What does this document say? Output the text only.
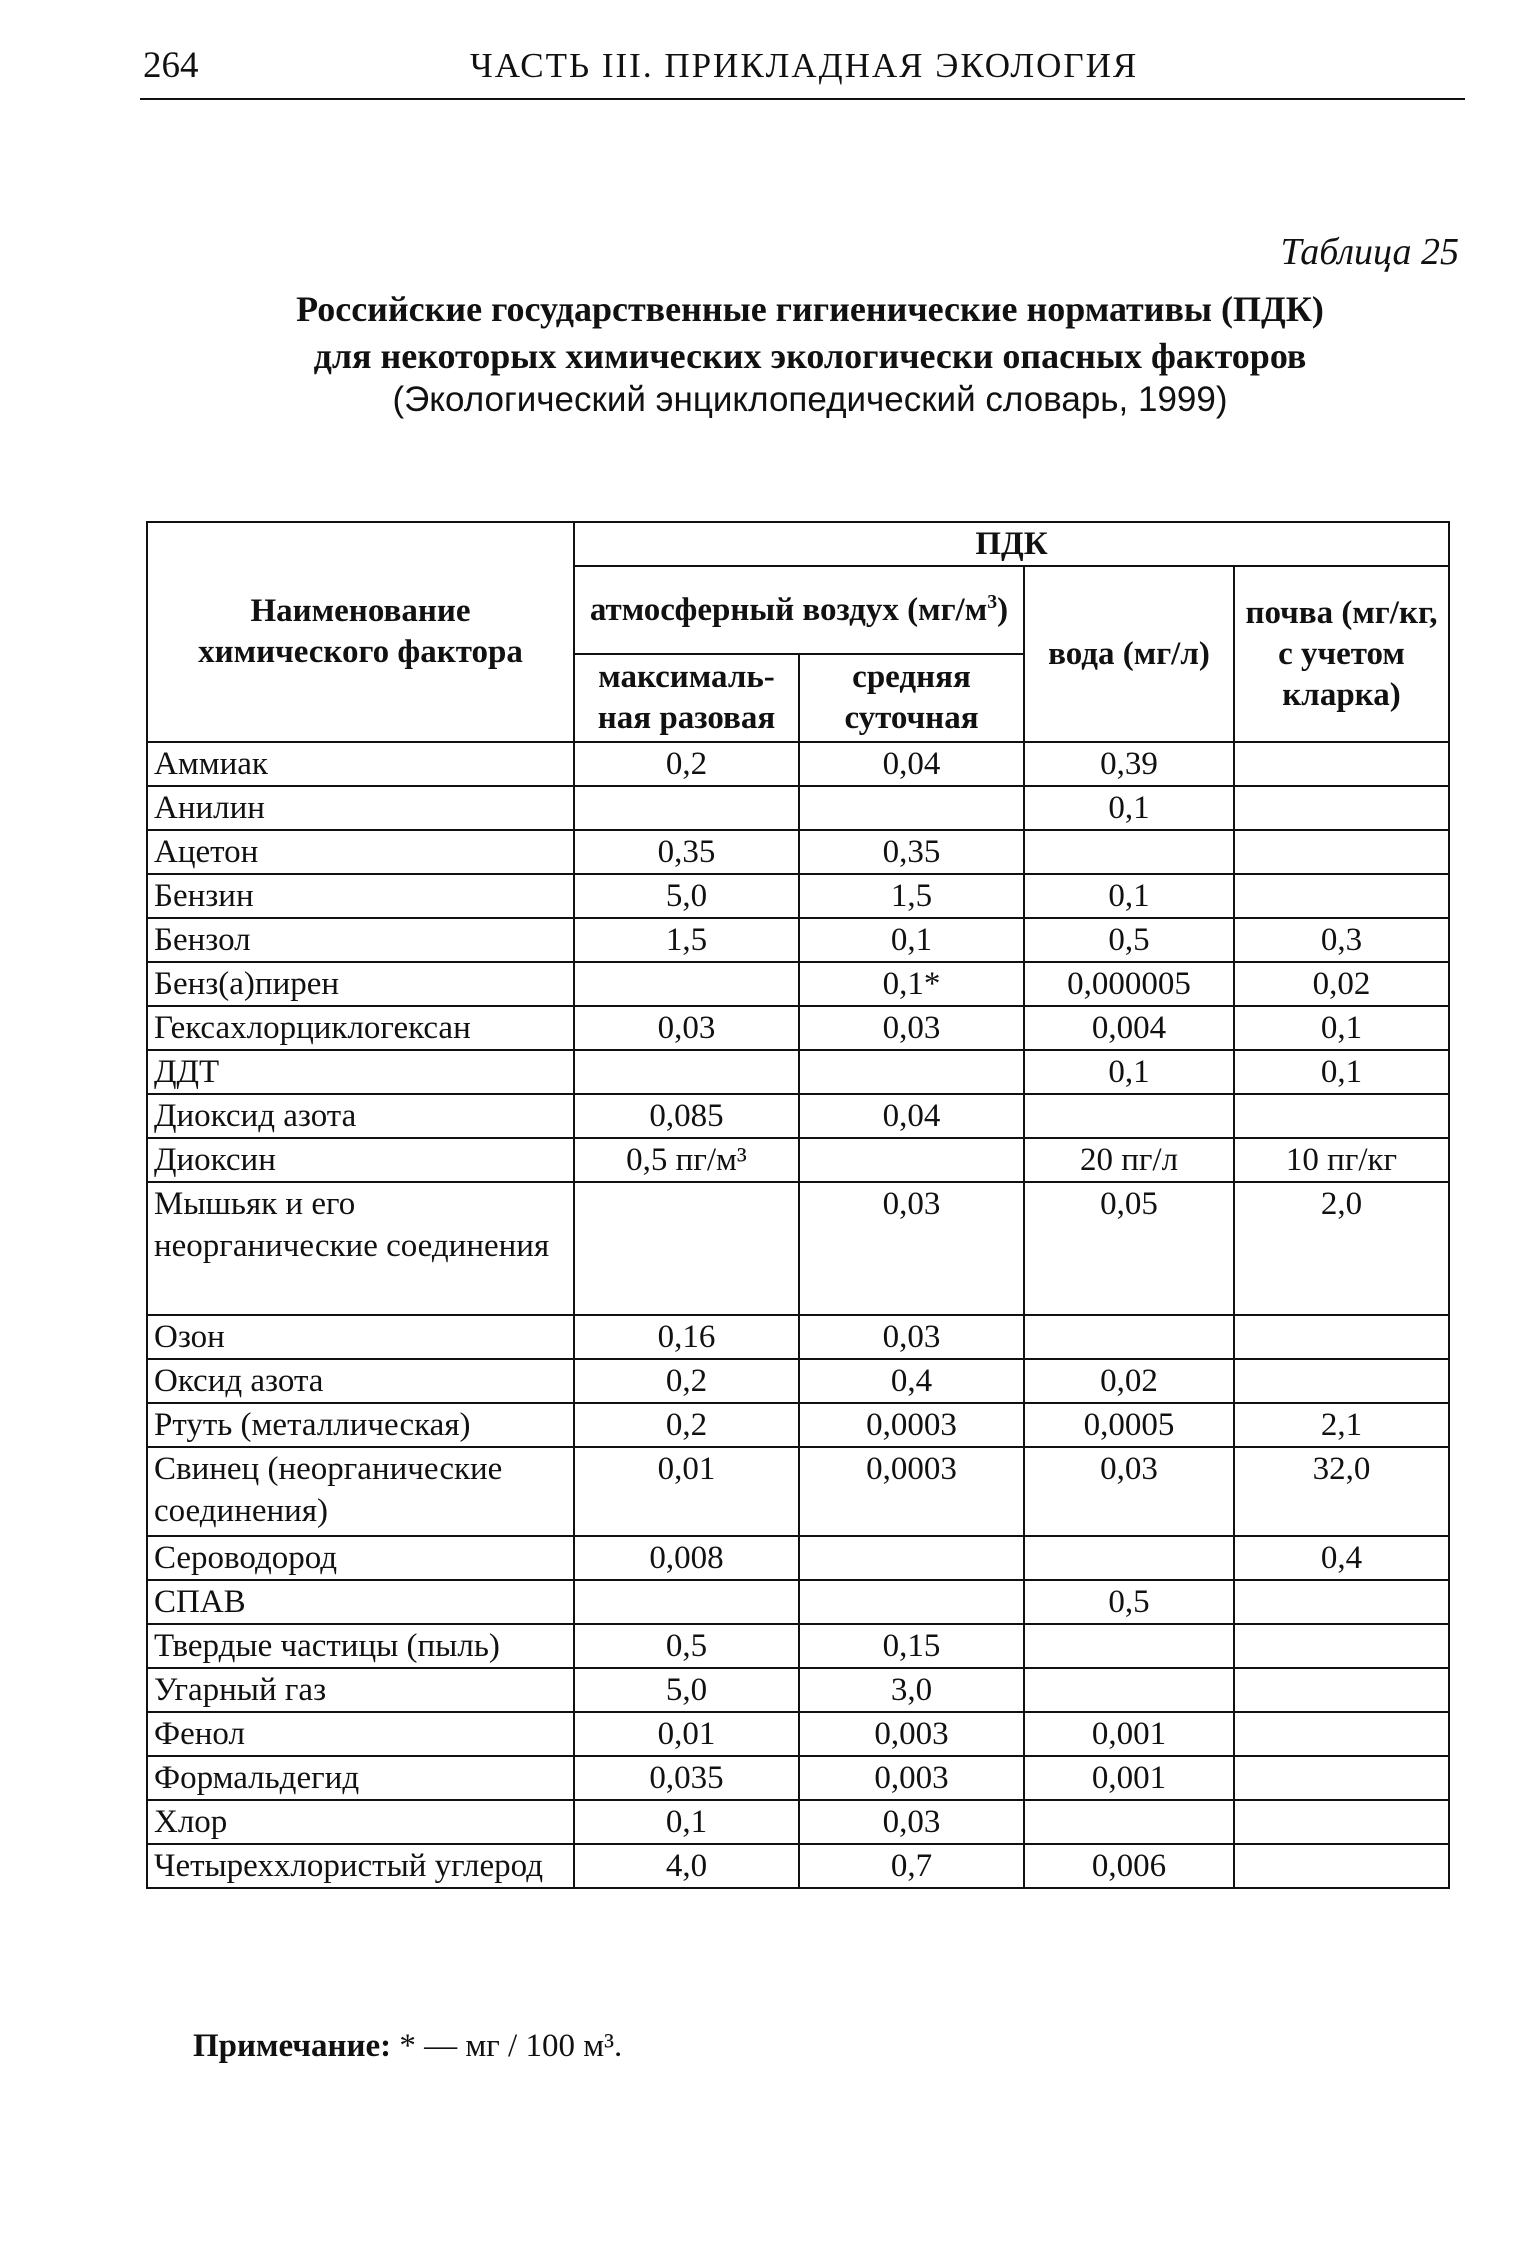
264	ЧАСТЬ III. ПРИКЛАДНАЯ ЭКОЛОГИЯ
Таблица 25
Российские государственные гигиенические нормативы (ПДК)
для некоторых химических экологически опасных факторов
(Экологический энциклопедический словарь, 1999)
Наименование химического фактора	ПДК			
	атмосферный воздух $(мг/м^3)$		вода (мг/л)	почва (мг/кг, с учетом кларка)
	максималь-ная разовая	средняя суточная		
Аммиак	0,2	0,04	0,39	
Анилин			0,1	
Ацетон	0,35	0,35		
Бензин	5,0	1,5	0,1	
Бензол	1,5	0,1	0,5	0,3
Бенз(а)пирен		0,1*	0,000005	0,02
Гексахлорциклогексан	0,03	0,03	0,004	0,1
ДДТ			0,1	0,1
Диоксид азота	0,085	0,04		
Диоксин	0,5 пг/м³		20 пг/л	10 пг/кг
Мышьяк и его неорганические соединения		0,03	0,05	2,0
Озон	0,16	0,03		
Оксид азота	0,2	0,4	0,02	
Ртуть (металлическая)	0,2	0,0003	0,0005	2,1
Свинец (неорганические соединения)	0,01	0,0003	0,03	32,0
Сероводород	0,008			0,4
СПАВ			0,5	
Твердые частицы (пыль)	0,5	0,15		
Угарный газ	5,0	3,0		
Фенол	0,01	0,003	0,001	
Формальдегид	0,035	0,003	0,001	
Хлор	0,1	0,03		
Четыреххлористый углерод	4,0	0,7	0,006	
Примечание: * — мг / 100 м³.
